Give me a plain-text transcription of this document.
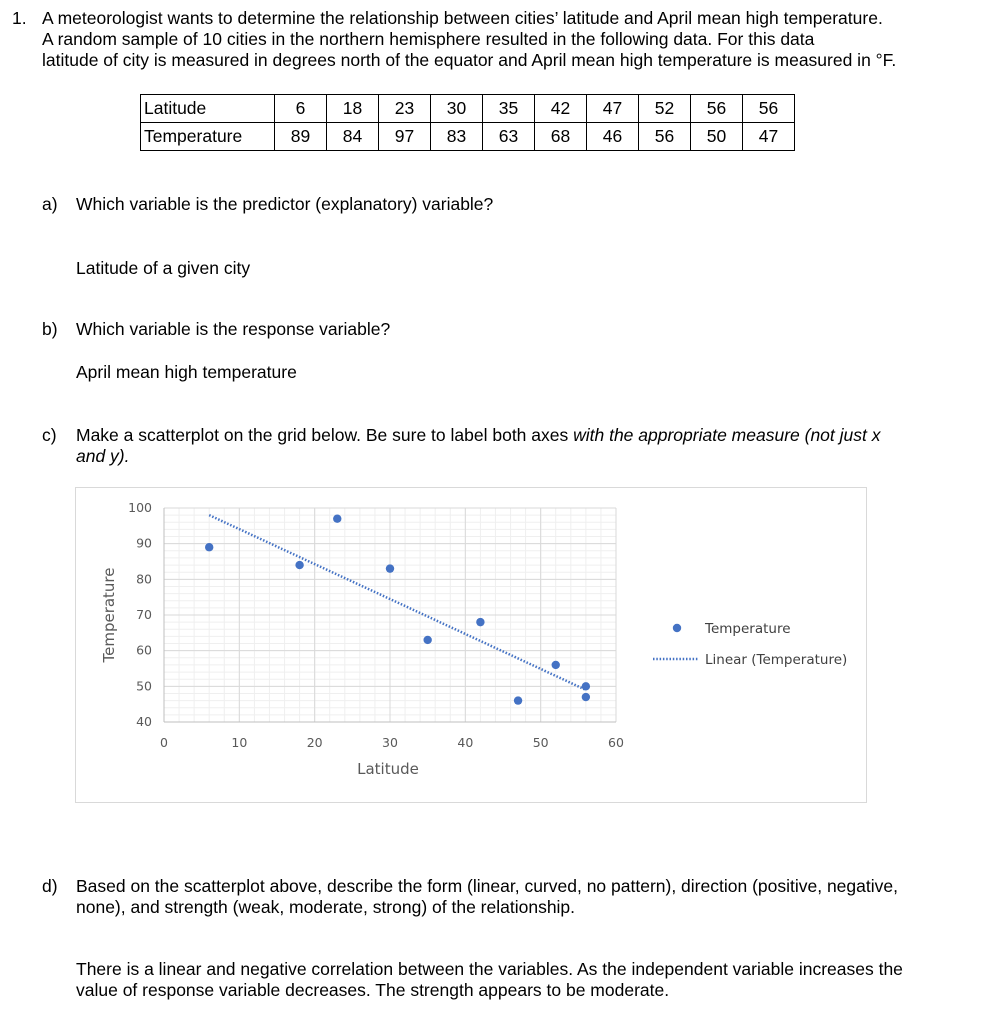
1. A meteorologist wants to determine the relationship between cities’ latitude and April mean high temperature.
A random sample of 10 cities in the northern hemisphere resulted in the following data. For this data
latitude of city is measured in degrees north of the equator and April mean high temperature is measured in °F.
Latitude	6	18	23	30	35	42	47	52	56	56
Temperature	89	84	97	83	63	68	46	56	50	47
a) Which variable is the predictor (explanatory) variable?
Latitude of a given city
b) Which variable is the response variable?
April mean high temperature
c) Make a scatterplot on the grid below. Be sure to label both axes with the appropriate measure (not just x
and y).
0	10	20	30	40	50	60
40
50
60
70
80
90
100
Latitude
Temperature	Temperature
Linear (Temperature)
d) Based on the scatterplot above, describe the form (linear, curved, no pattern), direction (positive, negative,
none), and strength (weak, moderate, strong) of the relationship.
There is a linear and negative correlation between the variables. As the independent variable increases the
value of response variable decreases. The strength appears to be moderate.
